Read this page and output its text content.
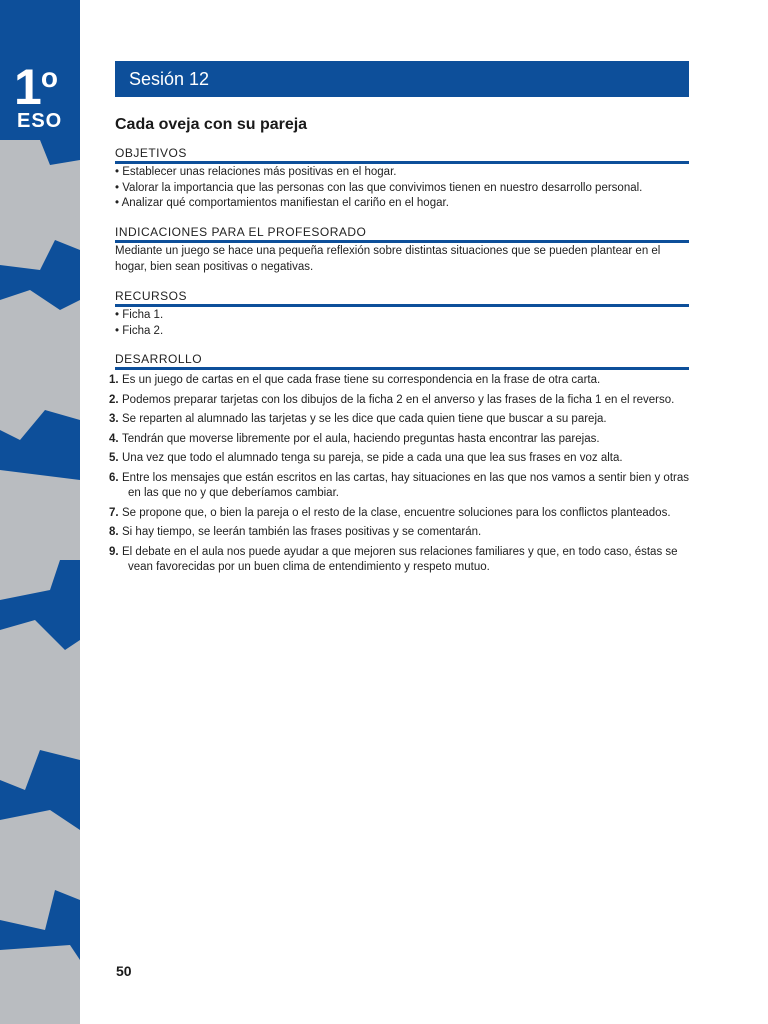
1$^o$
ESO
Sesión 12
Cada oveja con su pareja
OBJETIVOS
• Establecer unas relaciones más positivas en el hogar.
• Valorar la importancia que las personas con las que convivimos tienen en nuestro desarrollo personal.
• Analizar qué comportamientos manifiestan el cariño en el hogar.
INDICACIONES PARA EL PROFESORADO
Mediante un juego se hace una pequeña reflexión sobre distintas situaciones que se pueden plantear en el hogar, bien sean positivas o negativas.
RECURSOS
• Ficha 1.
• Ficha 2.
DESARROLLO
1. Es un juego de cartas en el que cada frase tiene su correspondencia en la frase de otra carta.
2. Podemos preparar tarjetas con los dibujos de la ficha 2 en el anverso y las frases de la ficha 1 en el reverso.
3. Se reparten al alumnado las tarjetas y se les dice que cada quien tiene que buscar a su pareja.
4. Tendrán que moverse libremente por el aula, haciendo preguntas hasta encontrar las parejas.
5. Una vez que todo el alumnado tenga su pareja, se pide a cada una que lea sus frases en voz alta.
6. Entre los mensajes que están escritos en las cartas, hay situaciones en las que nos vamos a sentir bien y otras en las que no y que deberíamos cambiar.
7. Se propone que, o bien la pareja o el resto de la clase, encuentre soluciones para los conflictos planteados.
8. Si hay tiempo, se leerán también las frases positivas y se comentarán.
9. El debate en el aula nos puede ayudar a que mejoren sus relaciones familiares y que, en todo caso, éstas se vean favorecidas por un buen clima de entendimiento y respeto mutuo.
50
